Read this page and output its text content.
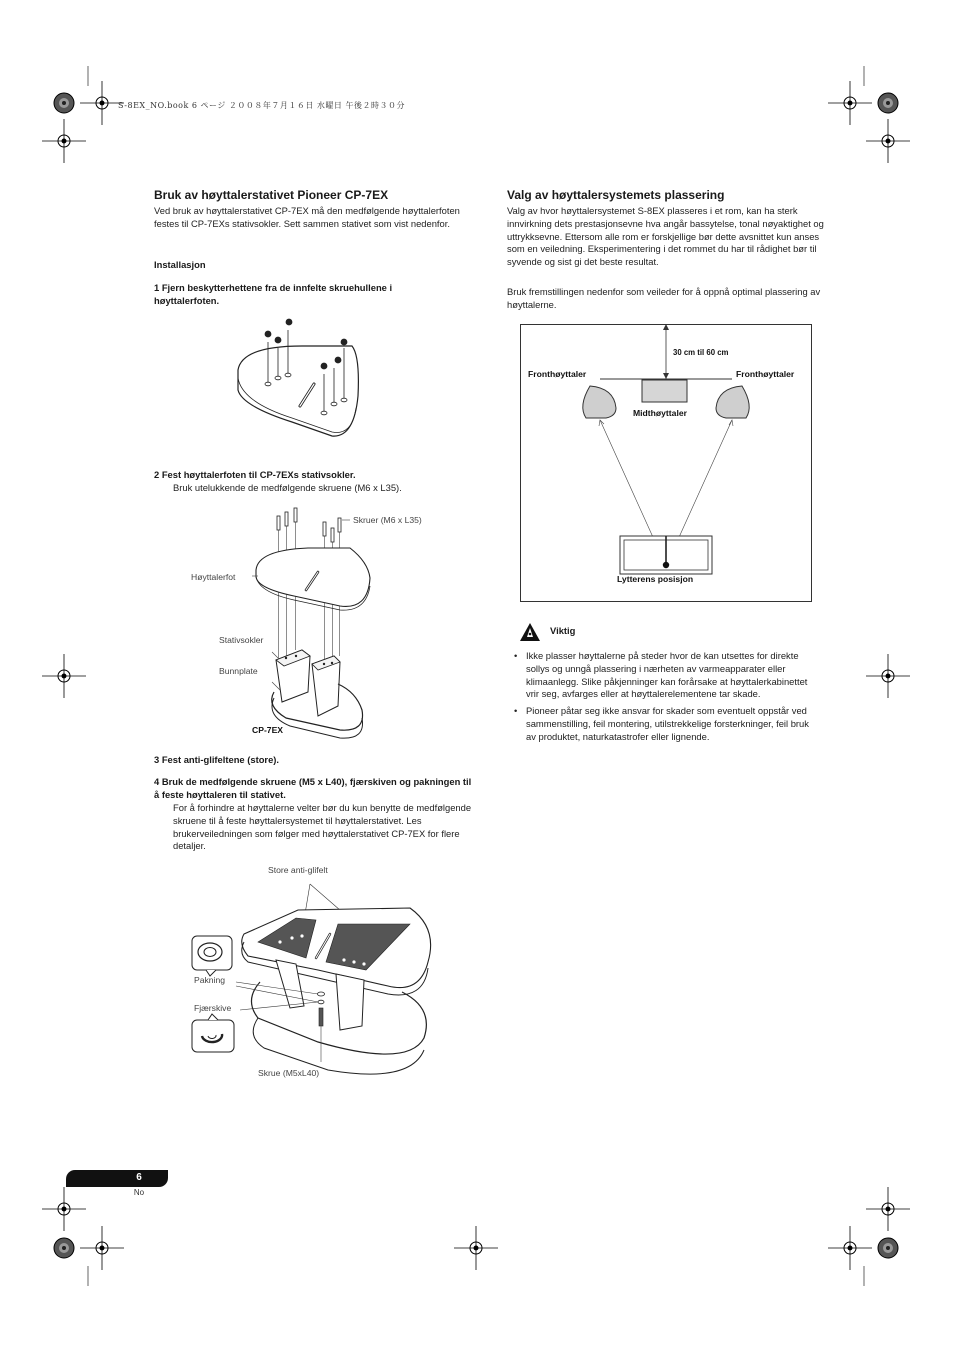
S-8EX_NO.book 6 ページ ２００８年７月１６日 水曜日 午後２時３０分
Bruk av høyttalerstativet Pioneer CP-7EX

Ved bruk av høyttalerstativet CP-7EX må den medfølgende høyttalerfoten festes til CP-7EXs stativsokler. Sett sammen stativet som vist nedenfor.

Installasjon

1 Fjern beskytterhettene fra de innfelte skruehullene i høyttalerfoten.

2 Fest høyttalerfoten til CP-7EXs stativsokler.

Bruk utelukkende de medfølgende skruene (M6 x L35).

Skruer (M6 x L35)
Høyttalerfot
Stativsokler
Bunnplate
CP-7EX

3 Fest anti-glifeltene (store).

4 Bruk de medfølgende skruene (M5 x L40), fjærskiven og pakningen til å feste høyttaleren til stativet.

For å forhindre at høyttalerne velter bør du kun benytte de medfølgende skruene til å feste høyttalersystemet til høyttalerstativet. Les brukerveiledningen som følger med høyttalerstativet CP-7EX for flere detaljer.

Store anti-glifelt
Pakning
Fjærskive
Skrue (M5xL40)
Valg av høyttalersystemets plassering

Valg av hvor høyttalersystemet S-8EX plasseres i et rom, kan ha sterk innvirkning dets prestasjonsevne hva angår bassytelse, tonal nøyaktighet og uttrykksevne. Ettersom alle rom er forskjellige bør dette avsnittet kun anses som en veiledning. Eksperimentering i det rommet du har til rådighet bør til syvende og sist gi det beste resultat.

Bruk fremstillingen nedenfor som veileder for å oppnå optimal plassering av høyttalerne.

30 cm til 60 cm
Fronthøyttaler	Fronthøyttaler
Midthøyttaler
Lytterens posisjon

Viktig

• Ikke plasser høyttalerne på steder hvor de kan utsettes for direkte sollys og unngå plassering i nærheten av varmeapparater eller klimaanlegg. Slike påkjenninger kan forårsake at høyttalerkabinettet vrir seg, avfarges eller at høyttalerelementene tar skade.
• Pioneer påtar seg ikke ansvar for skader som eventuelt oppstår ved sammenstilling, feil montering, utilstrekkelige forsterkninger, feil bruk av produktet, naturkatastrofer eller lignende.
6
No
